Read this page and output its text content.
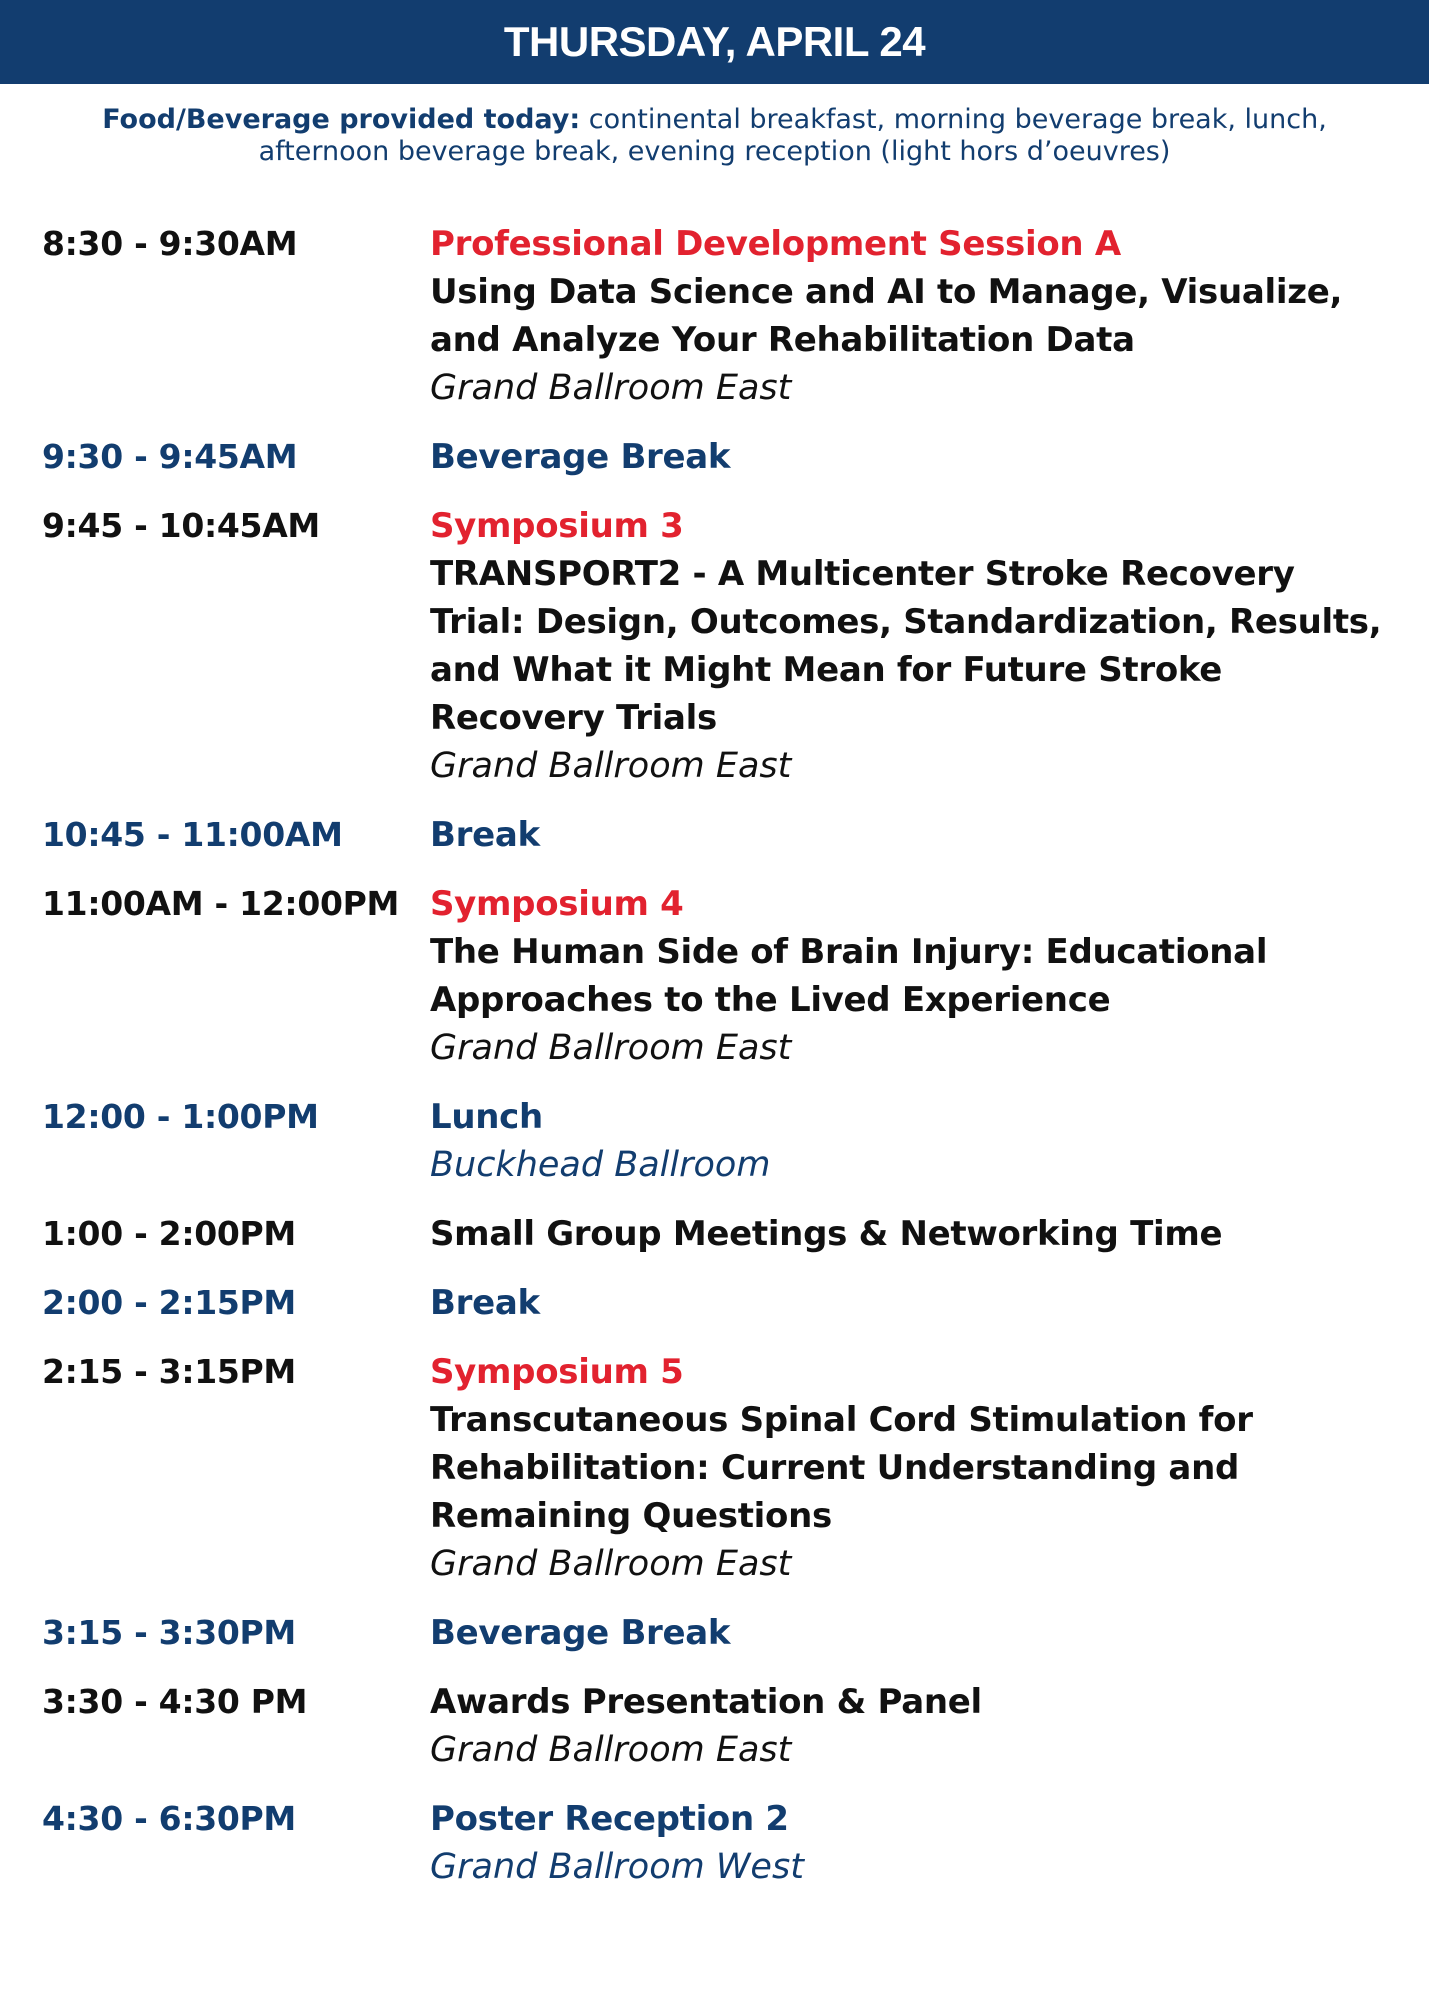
THURSDAY, APRIL 24
Food/Beverage provided today: continental breakfast, morning beverage break, lunch, afternoon beverage break, evening reception (light hors d’oeuvres)
8:30 - 9:30AM	Professional Development Session A
Using Data Science and AI to Manage, Visualize, and Analyze Your Rehabilitation Data
Grand Ballroom East
9:30 - 9:45AM	Beverage Break
9:45 - 10:45AM	Symposium 3
TRANSPORT2 - A Multicenter Stroke Recovery Trial: Design, Outcomes, Standardization, Results, and What it Might Mean for Future Stroke Recovery Trials
Grand Ballroom East
10:45 - 11:00AM	Break
11:00AM - 12:00PM Symposium 4
The Human Side of Brain Injury: Educational Approaches to the Lived Experience
Grand Ballroom East
12:00 - 1:00PM	Lunch
Buckhead Ballroom
1:00 - 2:00PM	Small Group Meetings & Networking Time
2:00 - 2:15PM	Break
2:15 - 3:15PM	Symposium 5
Transcutaneous Spinal Cord Stimulation for Rehabilitation: Current Understanding and Remaining Questions
Grand Ballroom East
3:15 - 3:30PM	Beverage Break
3:30 - 4:30 PM	Awards Presentation & Panel
Grand Ballroom East
4:30 - 6:30PM	Poster Reception 2
Grand Ballroom West
